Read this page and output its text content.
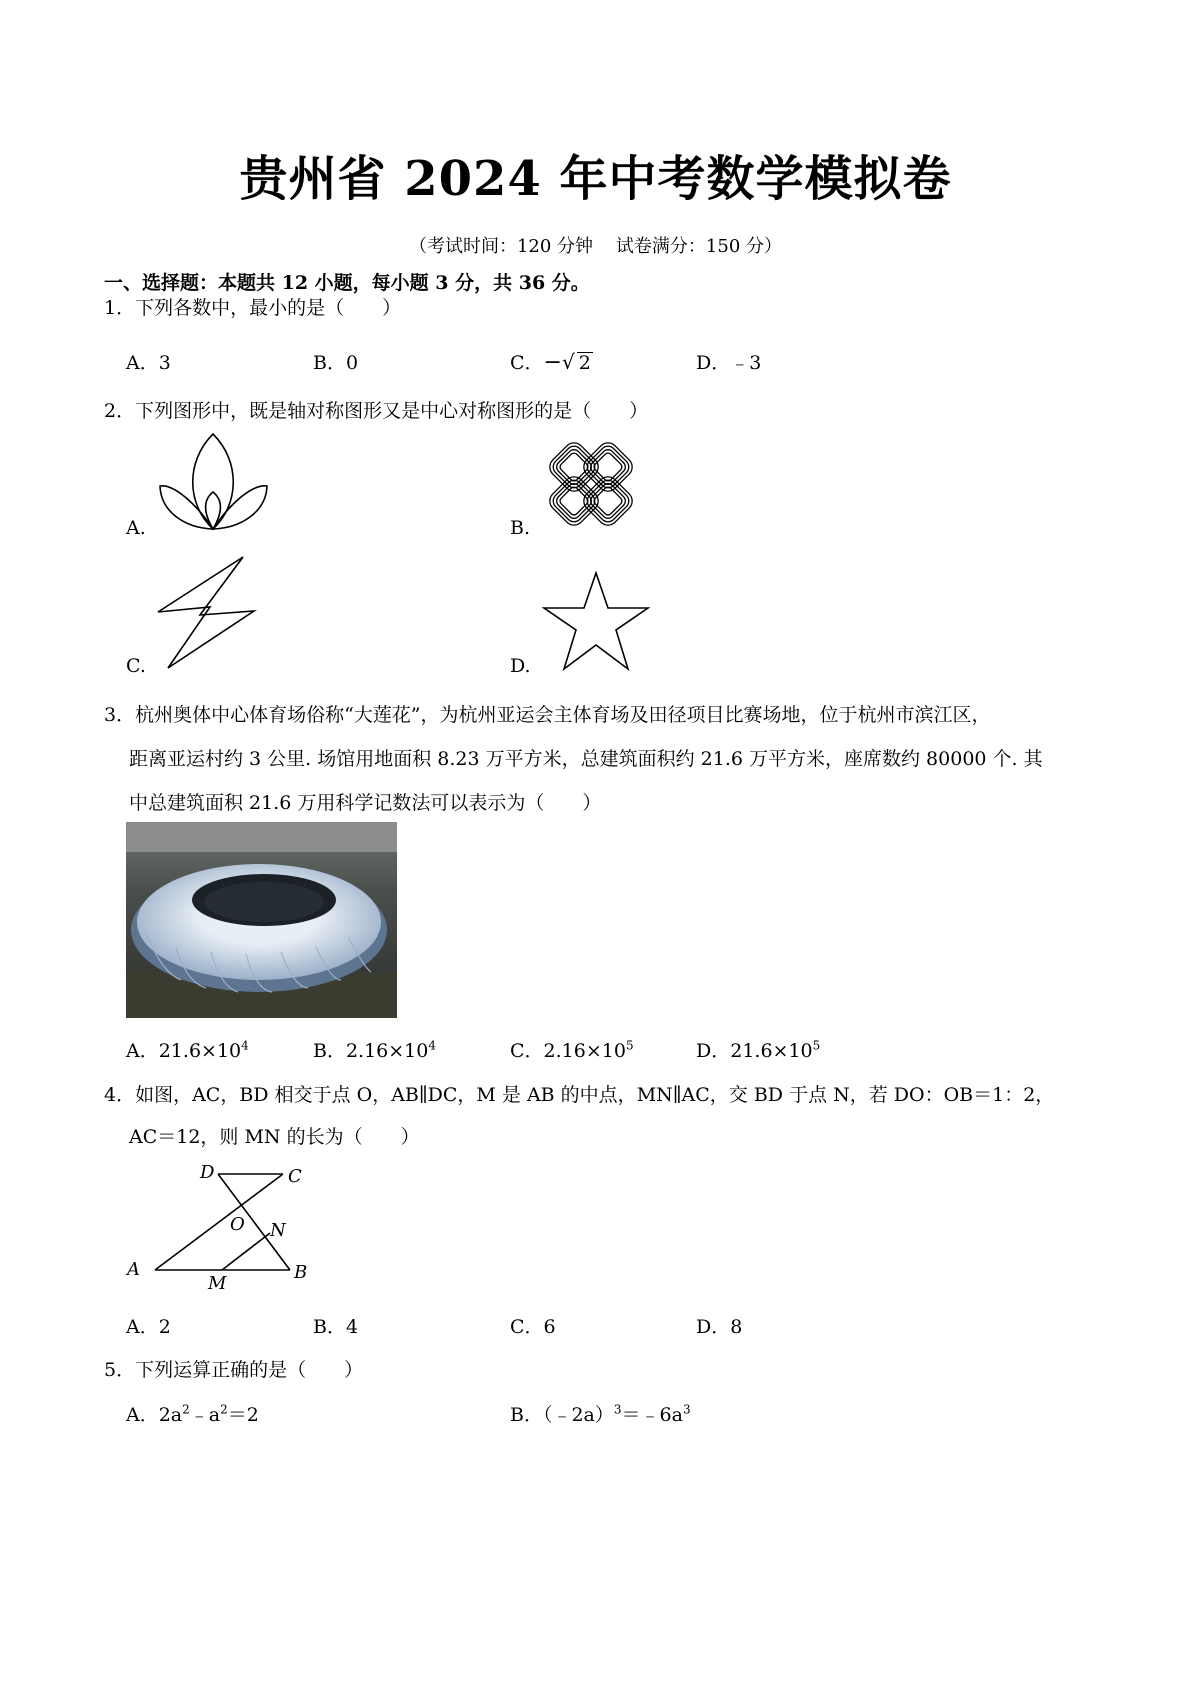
贵州省 2024 年中考数学模拟卷
（考试时间：120 分钟    试卷满分：150 分）
一、选择题：本题共 12 小题，每小题 3 分，共 36 分。
1．下列各数中，最小的是（　　）
A．3	B．0	C．−√ 2	D．﹣3
2．下列图形中，既是轴对称图形又是中心对称图形的是（　　）
A.	B.
C.	D.
3．杭州奥体中心体育场俗称“大莲花”，为杭州亚运会主体育场及田径项目比赛场地，位于杭州市滨江区，
距离亚运村约 3 公里. 场馆用地面积 8.23 万平方米，总建筑面积约 21.6 万平方米，座席数约 80000 个. 其
中总建筑面积 21.6 万用科学记数法可以表示为（　　）
A．$21.6\times 10^4$	B．$2.16\times 10^4$	C．$2.16\times 10^5$	D．$21.6\times 10^5$
4．如图，AC，BD 相交于点 O，AB∥DC，M 是 AB 的中点，MN∥AC，交 BD 于点 N，若 DO：OB＝1：2，
AC＝12，则 MN 的长为（　　）
D	C
O N
A
M
B
A．2	B．4	C．6	D．8
5．下列运算正确的是（　　）
A．$2a^2﹣a^2=2$	B．$(﹣2a)^3=﹣6a^3$
